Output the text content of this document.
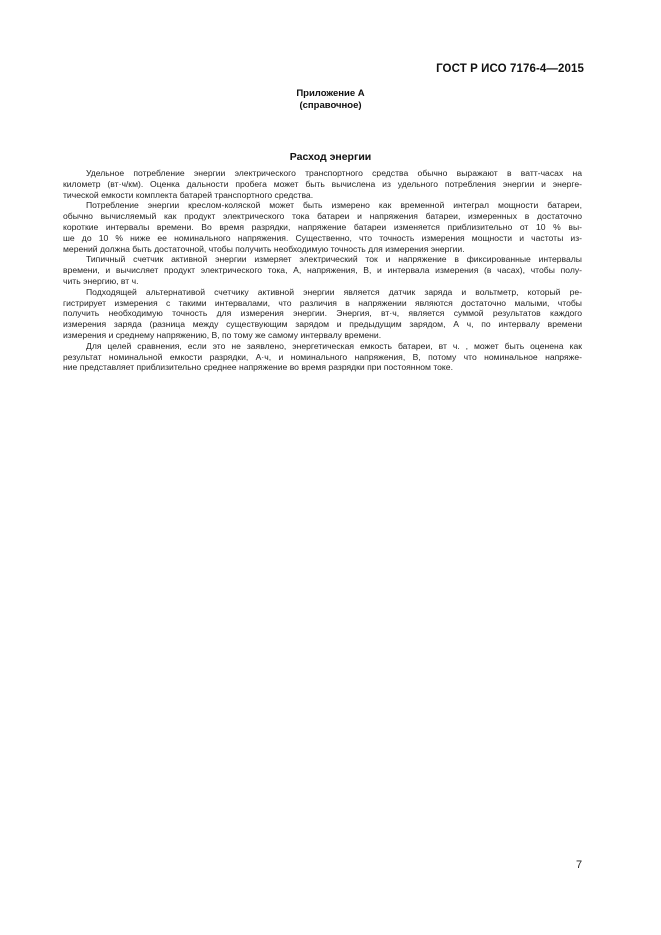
ГОСТ Р ИСО 7176-4—2015
Приложение А
(справочное)
Расход энергии

Удельное потребление энергии электрического транспортного средства обычно выражают в ватт-часах на
километр (вт·ч/км). Оценка дальности пробега может быть вычислена из удельного потребления энергии и энерге-
тической емкости комплекта батарей транспортного средства.

Потребление энергии креслом-коляской может быть измерено как временной интеграл мощности батареи,
обычно вычисляемый как продукт электрического тока батареи и напряжения батареи, измеренных в достаточно
короткие интервалы времени. Во время разрядки, напряжение батареи изменяется приблизительно от 10 % вы-
ше до 10 % ниже ее номинального напряжения. Существенно, что точность измерения мощности и частоты из-
мерений должна быть достаточной, чтобы получить необходимую точность для измерения энергии.

Типичный счетчик активной энергии измеряет электрический ток и напряжение в фиксированные интервалы
времени, и вычисляет продукт электрического тока, А, напряжения, В, и интервала измерения (в часах), чтобы полу-
чить энергию, вт ч.

Подходящей альтернативой счетчику активной энергии является датчик заряда и вольтметр, который ре-
гистрирует измерения с такими интервалами, что различия в напряжении являются достаточно малыми, чтобы
получить необходимую точность для измерения энергии. Энергия, вт·ч, является суммой результатов каждого
измерения заряда (разница между существующим зарядом и предыдущим зарядом, А ч, по интервалу времени
измерения и среднему напряжению, В, по тому же самому интервалу времени.

Для целей сравнения, если это не заявлено, энергетическая емкость батареи, вт ч. , может быть оценена как
результат номинальной емкости разрядки, А·ч, и номинального напряжения, В, потому что номинальное напряже-
ние представляет приблизительно среднее напряжение во время разрядки при постоянном токе.

7
